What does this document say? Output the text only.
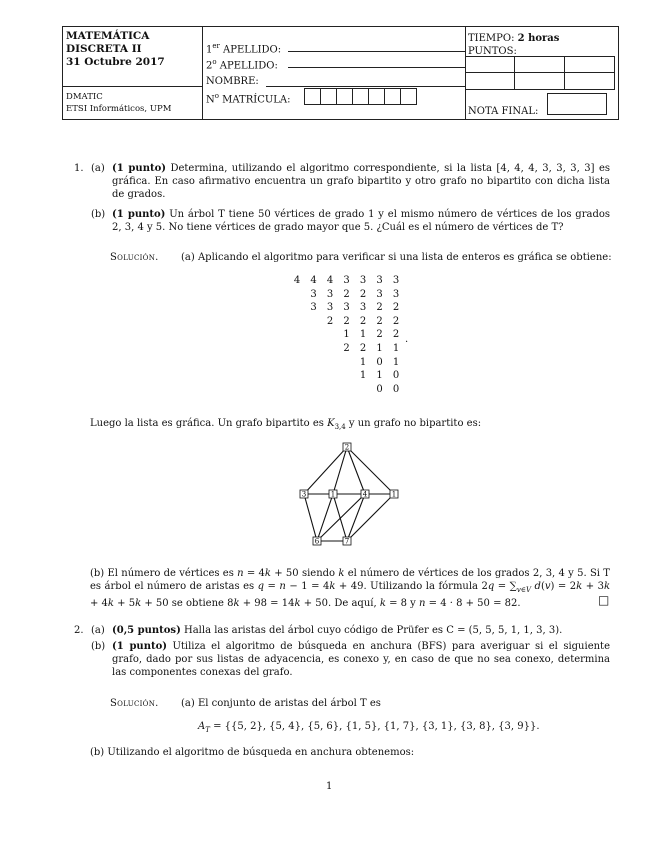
MATEMÁTICA
DISCRETA II
31 Octubre 2017
DMATIC
ETSI Informáticos, UPM
1er APELLIDO:
2$^o$ APELLIDO:
NOMBRE:
$N^o$ MATRÍCULA:
TIEMPO: 2 horas
PUNTOS:
NOTA FINAL:
1. (a) (1 punto) Determina, utilizando el algoritmo correspondiente, si la lista [4, 4, 4, 3, 3, 3, 3] es gráfica. En caso afirmativo encuentra un grafo bipartito y otro grafo no bipartito con dicha lista de grados.
(b) (1 punto) Un árbol T tiene 50 vértices de grado 1 y el mismo número de vértices de los grados 2, 3, 4 y 5. No tiene vértices de grado mayor que 5. ¿Cuál es el número de vértices de T?
Solución. (a) Aplicando el algoritmo para verificar si una lista de enteros es gráfica se obtiene:
4 4 4 3 3 3 3
3 3 2 2 3 3
3 3 3 3 2 2
2 2 2 2 2
1 1 2 2
2 2 1 1
1 0 1
1 1 0
0 0
.
Luego la lista es gráfica. Un grafo bipartito es $K_{3,4}$ y un grafo no bipartito es:
2
3	1	4	1
6	7
(b) El número de vértices es n = 4k + 50 siendo k el número de vértices de los grados 2, 3, 4 y 5. Si T es árbol el número de aristas es q = n − 1 = 4k + 49. Utilizando la fórmula $2q = \sum_{v\in V}$ d(v) = 2k + 3k + 4k + 5k + 50 se obtiene 8k + 98 = 14k + 50. De aquí, k = 8 y n = 4 · 8 + 50 = 82.	□
2. (a) (0,5 puntos) Halla las aristas del árbol cuyo código de Prüfer es C = (5, 5, 5, 1, 1, 3, 3).
(b) (1 punto) Utiliza el algoritmo de búsqueda en anchura (BFS) para averiguar si el siguiente grafo, dado por sus listas de adyacencia, es conexo y, en caso de que no sea conexo, determina las componentes conexas del grafo.
Solución. (a) El conjunto de aristas del árbol T es
$A_T = \{\{5$, 2}, {5, 4}, {5, 6}, {1, 5}, {1, 7}, {3, 1}, {3, 8}, {3, 9}}.
(b) Utilizando el algoritmo de búsqueda en anchura obtenemos:
1
